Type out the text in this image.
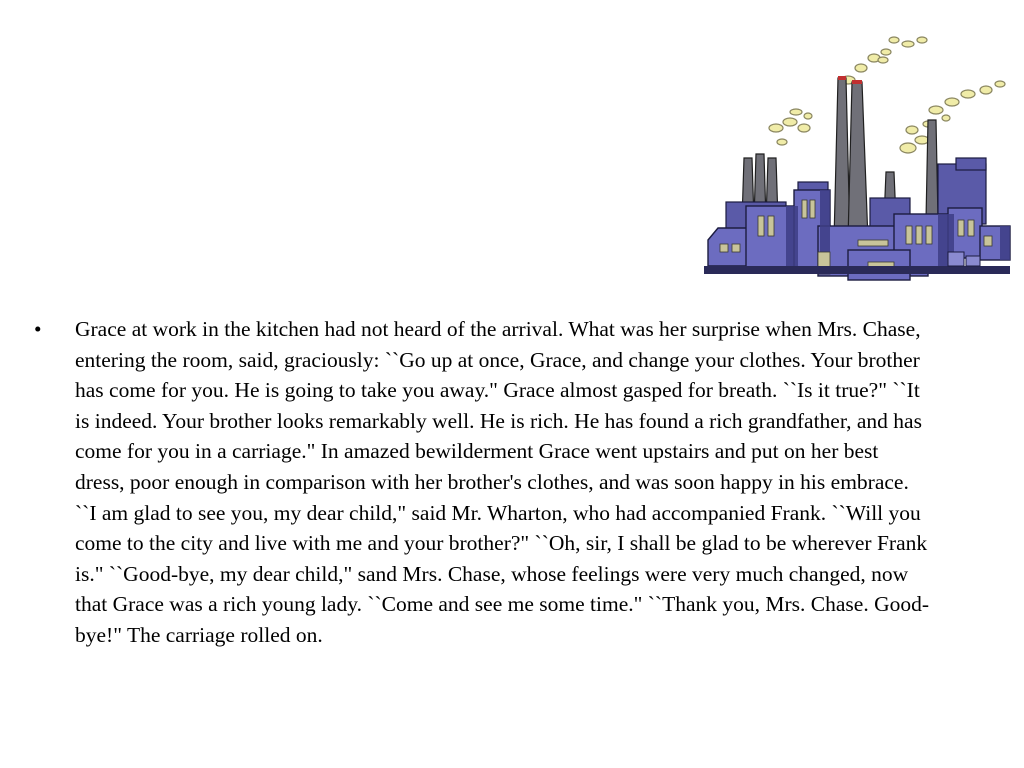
• Grace at work in the kitchen had not heard of the arrival. What was her surprise when Mrs. Chase, entering the room, said, graciously: ``Go up at once, Grace, and change your clothes. Your brother has come for you. He is going to take you away." Grace almost gasped for breath. ``Is it true?" ``It is indeed. Your brother looks remarkably well. He is rich. He has found a rich grandfather, and has come for you in a carriage." In amazed bewilderment Grace went upstairs and put on her best dress, poor enough in comparison with her brother's clothes, and was soon happy in his embrace. ``I am glad to see you, my dear child," said Mr. Wharton, who had accompanied Frank. ``Will you come to the city and live with me and your brother?" ``Oh, sir, I shall be glad to be wherever Frank is." ``Good-bye, my dear child," sand Mrs. Chase, whose feelings were very much changed, now that Grace was a rich young lady. ``Come and see me some time." ``Thank you, Mrs. Chase. Good-bye!" The carriage rolled on.
